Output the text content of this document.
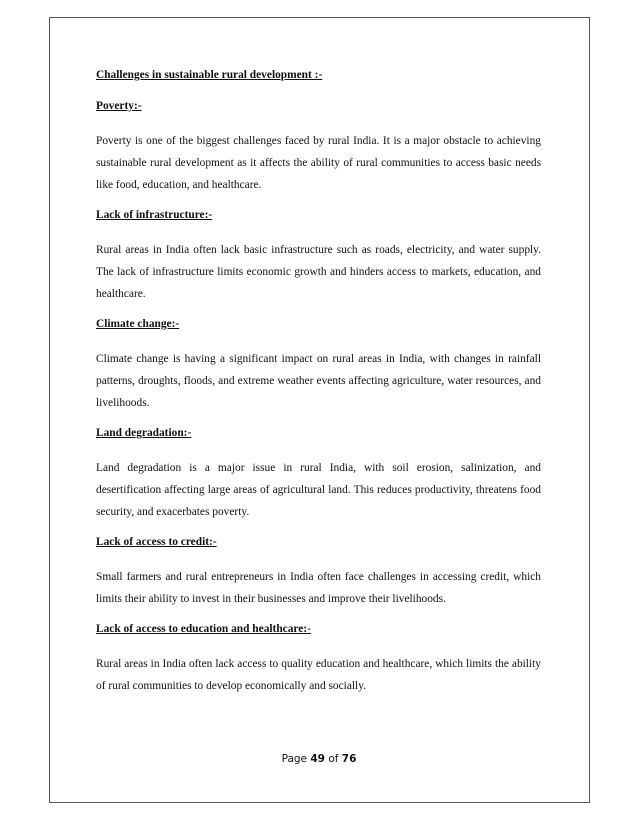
Challenges in sustainable rural development :-
Poverty:-
Poverty is one of the biggest challenges faced by rural India. It is a major obstacle to achieving sustainable rural development as it affects the ability of rural communities to access basic needs like food, education, and healthcare.
Lack of infrastructure:-
Rural areas in India often lack basic infrastructure such as roads, electricity, and water supply. The lack of infrastructure limits economic growth and hinders access to markets, education, and healthcare.
Climate change:-
Climate change is having a significant impact on rural areas in India, with changes in rainfall patterns, droughts, floods, and extreme weather events affecting agriculture, water resources, and livelihoods.
Land degradation:-
Land degradation is a major issue in rural India, with soil erosion, salinization, and desertification affecting large areas of agricultural land. This reduces productivity, threatens food security, and exacerbates poverty.
Lack of access to credit:-
Small farmers and rural entrepreneurs in India often face challenges in accessing credit, which limits their ability to invest in their businesses and improve their livelihoods.
Lack of access to education and healthcare:-
Rural areas in India often lack access to quality education and healthcare, which limits the ability of rural communities to develop economically and socially.
Page 49 of 76
